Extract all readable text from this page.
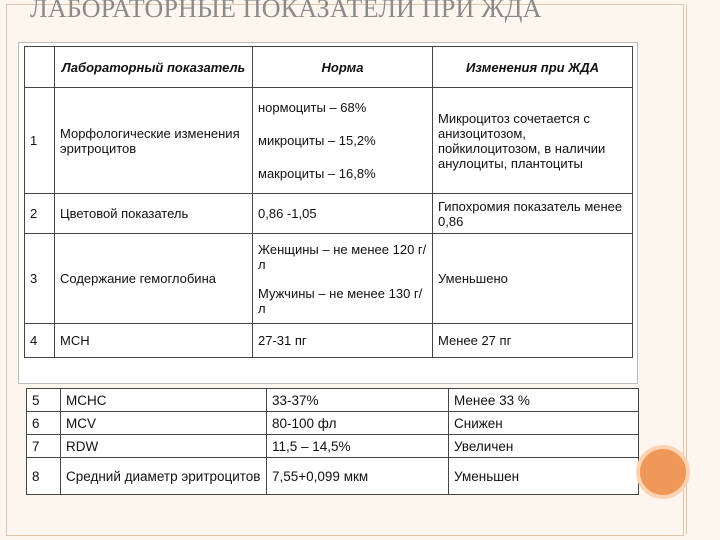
ЛАБОРАТОРНЫЕ ПОКАЗАТЕЛИ ПРИ ЖДА
	Лабораторный показатель	Норма	Изменения при ЖДА
1	Морфологические изменения эритроцитов	нормоциты – 68%
микроциты – 15,2%
макроциты – 16,8%	Микроцитоз сочетается с анизоцитозом, пойкилоцитозом, в наличии анулоциты, плантоциты
2	Цветовой показатель	0,86 -1,05	Гипохромия показатель менее 0,86
3	Содержание гемоглобина	Женщины – не менее 120 г/л
Мужчины – не менее 130 г/л	Уменьшено
4	МСН	27-31 пг	Менее 27 пг
5	MCHC	33-37%	Менее 33 %
6	MCV	80-100 фл	Снижен
7	RDW	11,5 – 14,5%	Увеличен
8	Средний диаметр эритроцитов	7,55+0,099 мкм	Уменьшен
